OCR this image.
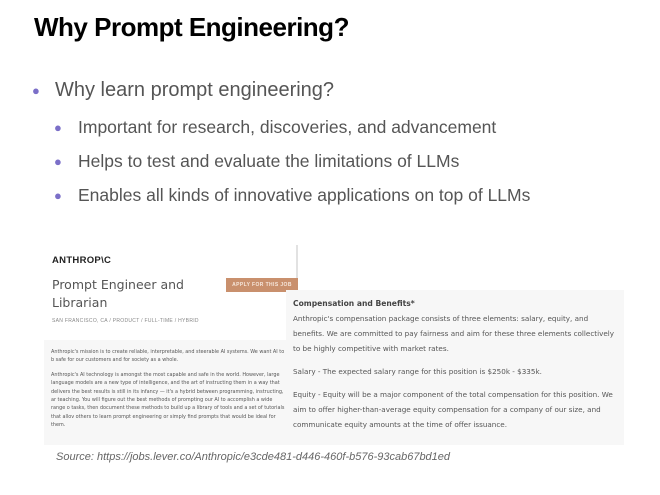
Why Prompt Engineering?
● Why learn prompt engineering?
● Important for research, discoveries, and advancement
● Helps to test and evaluate the limitations of LLMs
● Enables all kinds of innovative applications on top of LLMs
ANTHROP\C
Prompt Engineer and Librarian
SAN FRANCISCO, CA / PRODUCT / FULL-TIME / HYBRID
APPLY FOR THIS JOB

Anthropic's mission is to create reliable, interpretable, and steerable AI systems. We want AI to b safe for our customers and for society as a whole.

Anthropic's AI technology is amongst the most capable and safe in the world. However, large language models are a new type of intelligence, and the art of instructing them in a way that delivers the best results is still in its infancy — it's a hybrid between programming, instructing, ar teaching. You will figure out the best methods of prompting our AI to accomplish a wide range o tasks, then document these methods to build up a library of tools and a set of tutorials that allov others to learn prompt engineering or simply find prompts that would be ideal for them.

Compensation and Benefits*

Anthropic's compensation package consists of three elements: salary, equity, and benefits. We are committed to pay fairness and aim for these three elements collectively to be highly competitive with market rates.

Salary - The expected salary range for this position is $250k - $335k.

Equity - Equity will be a major component of the total compensation for this position. We aim to offer higher-than-average equity compensation for a company of our size, and communicate equity amounts at the time of offer issuance.

Source: https://jobs.lever.co/Anthropic/e3cde481-d446-460f-b576-93cab67bd1ed
